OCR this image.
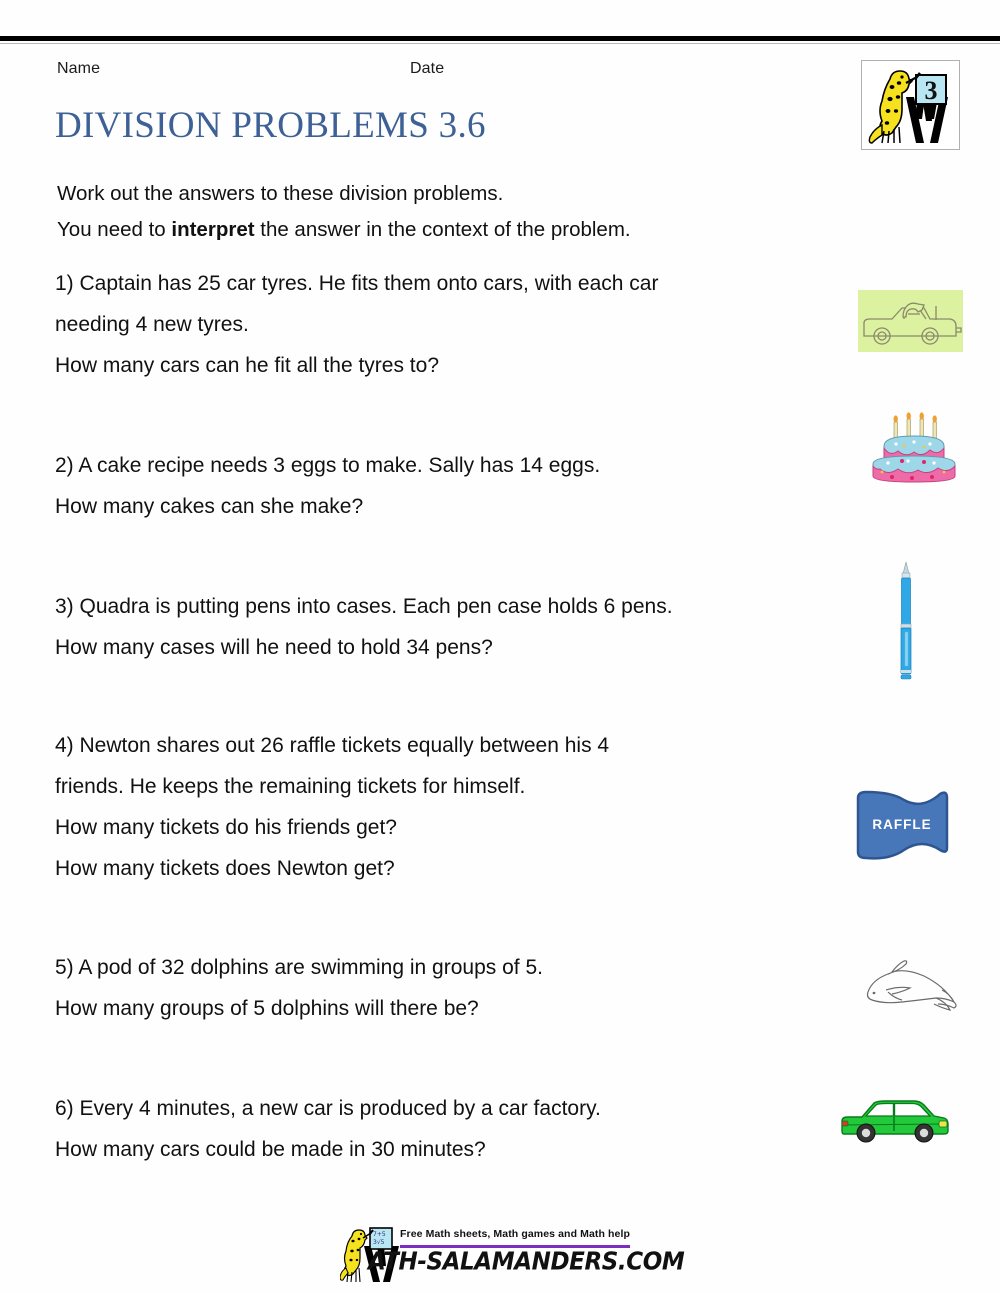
Name	Date
DIVISION PROBLEMS 3.6
3
Work out the answers to these division problems.
You need to interpret the answer in the context of the problem.
1) Captain has 25 car tyres. He fits them onto cars, with each car
needing 4 new tyres.
How many cars can he fit all the tyres to?
2) A cake recipe needs 3 eggs to make. Sally has 14 eggs.
How many cakes can she make?
3) Quadra is putting pens into cases. Each pen case holds 6 pens.
How many cases will he need to hold 34 pens?
4) Newton shares out 26 raffle tickets equally between his 4
friends. He keeps the remaining tickets for himself.
How many tickets do his friends get?
How many tickets does Newton get?
RAFFLE
5) A pod of 32 dolphins are swimming in groups of 5.
How many groups of 5 dolphins will there be?
6) Every 4 minutes, a new car is produced by a car factory.
How many cars could be made in 30 minutes?
Free Math sheets, Math games and Math help
7+5
3√5
ATH-SALAMANDERS.COM
